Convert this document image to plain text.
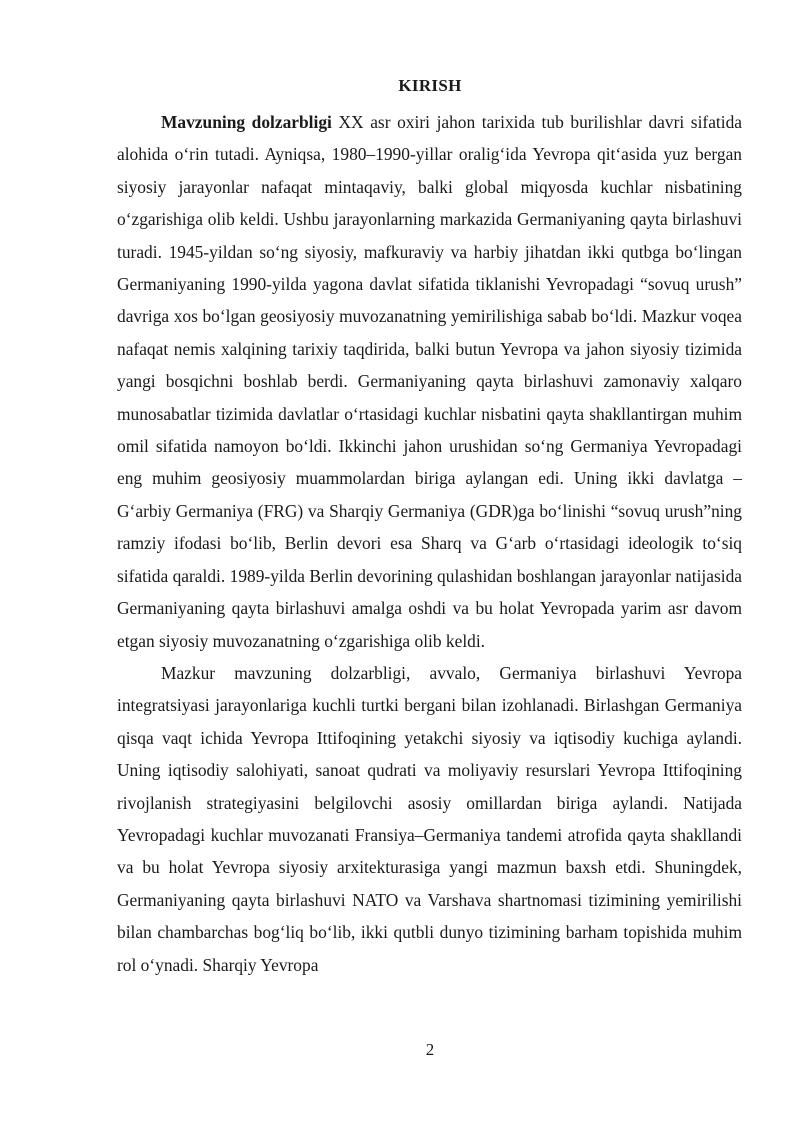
KIRISH

Mavzuning dolzarbligi XX asr oxiri jahon tarixida tub burilishlar davri sifatida alohida o‘rin tutadi. Ayniqsa, 1980–1990-yillar oralig‘ida Yevropa qit‘asida yuz bergan siyosiy jarayonlar nafaqat mintaqaviy, balki global miqyosda kuchlar nisbatining o‘zgarishiga olib keldi. Ushbu jarayonlarning markazida Germaniyaning qayta birlashuvi turadi. 1945-yildan so‘ng siyosiy, mafkuraviy va harbiy jihatdan ikki qutbga bo‘lingan Germaniyaning 1990-yilda yagona davlat sifatida tiklanishi Yevropadagi “sovuq urush” davriga xos bo‘lgan geosiyosiy muvozanatning yemirilishiga sabab bo‘ldi. Mazkur voqea nafaqat nemis xalqining tarixiy taqdirida, balki butun Yevropa va jahon siyosiy tizimida yangi bosqichni boshlab berdi. Germaniyaning qayta birlashuvi zamonaviy xalqaro munosabatlar tizimida davlatlar o‘rtasidagi kuchlar nisbatini qayta shakllantirgan muhim omil sifatida namoyon bo‘ldi. Ikkinchi jahon urushidan so‘ng Germaniya Yevropadagi eng muhim geosiyosiy muammolardan biriga aylangan edi. Uning ikki davlatga – G‘arbiy Germaniya (FRG) va Sharqiy Germaniya (GDR)ga bo‘linishi “sovuq urush”ning ramziy ifodasi bo‘lib, Berlin devori esa Sharq va G‘arb o‘rtasidagi ideologik to‘siq sifatida qaraldi. 1989-yilda Berlin devorining qulashidan boshlangan jarayonlar natijasida Germaniyaning qayta birlashuvi amalga oshdi va bu holat Yevropada yarim asr davom etgan siyosiy muvozanatning o‘zgarishiga olib keldi.

Mazkur mavzuning dolzarbligi, avvalo, Germaniya birlashuvi Yevropa integratsiyasi jarayonlariga kuchli turtki bergani bilan izohlanadi. Birlashgan Germaniya qisqa vaqt ichida Yevropa Ittifoqining yetakchi siyosiy va iqtisodiy kuchiga aylandi. Uning iqtisodiy salohiyati, sanoat qudrati va moliyaviy resurslari Yevropa Ittifoqining rivojlanish strategiyasini belgilovchi asosiy omillardan biriga aylandi. Natijada Yevropadagi kuchlar muvozanati Fransiya–Germaniya tandemi atrofida qayta shakllandi va bu holat Yevropa siyosiy arxitekturasiga yangi mazmun baxsh etdi. Shuningdek, Germaniyaning qayta birlashuvi NATO va Varshava shartnomasi tizimining yemirilishi bilan chambarchas bog‘liq bo‘lib, ikki qutbli dunyo tizimining barham topishida muhim rol o‘ynadi. Sharqiy Yevropa

2
